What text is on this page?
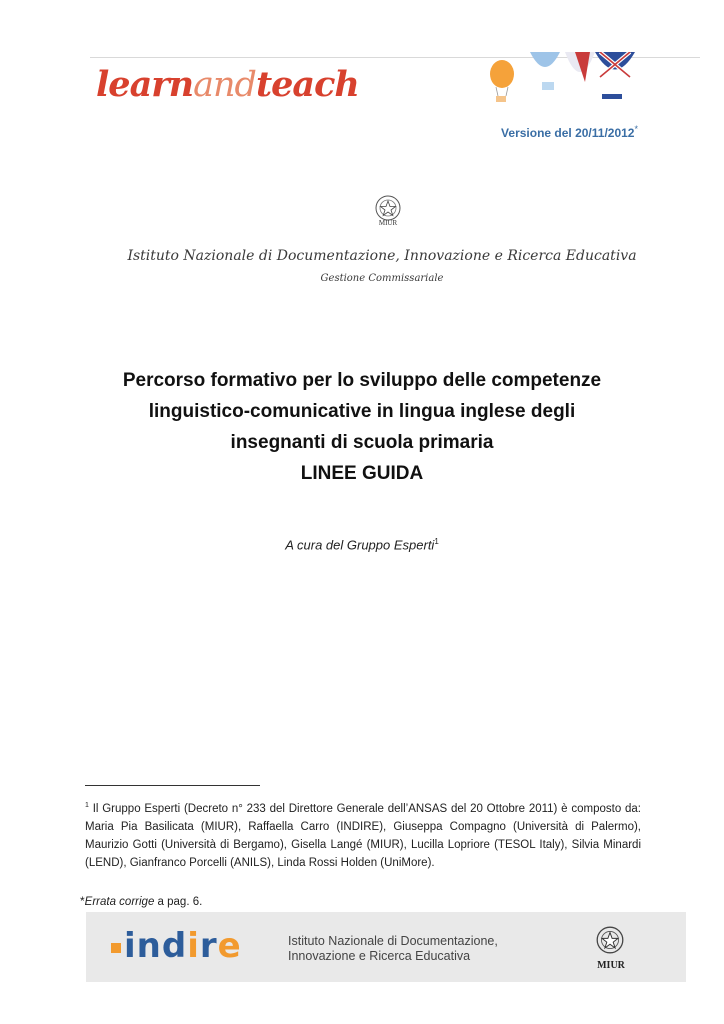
learnandteach
Versione del 20/11/2012*
MIUR
Istituto Nazionale di Documentazione, Innovazione e Ricerca Educativa
Gestione Commissariale
Percorso formativo per lo sviluppo delle competenze
linguistico-comunicative in lingua inglese degli
insegnanti di scuola primaria
LINEE GUIDA
A cura del Gruppo Esperti$^1$
$^1$ Il Gruppo Esperti (Decreto n° 233 del Direttore Generale dell’ANSAS del 20 Ottobre 2011) è composto da: Maria Pia Basilicata (MIUR), Raffaella Carro (INDIRE), Giuseppa Compagno (Università di Palermo), Maurizio Gotti (Università di Bergamo), Gisella Langé (MIUR), Lucilla Lopriore (TESOL Italy), Silvia Minardi (LEND), Gianfranco Porcelli (ANILS), Linda Rossi Holden (UniMore).
*Errata corrige a pag. 6.
indire	Istituto Nazionale di Documentazione,
Innovazione e Ricerca Educativa
MIUR
